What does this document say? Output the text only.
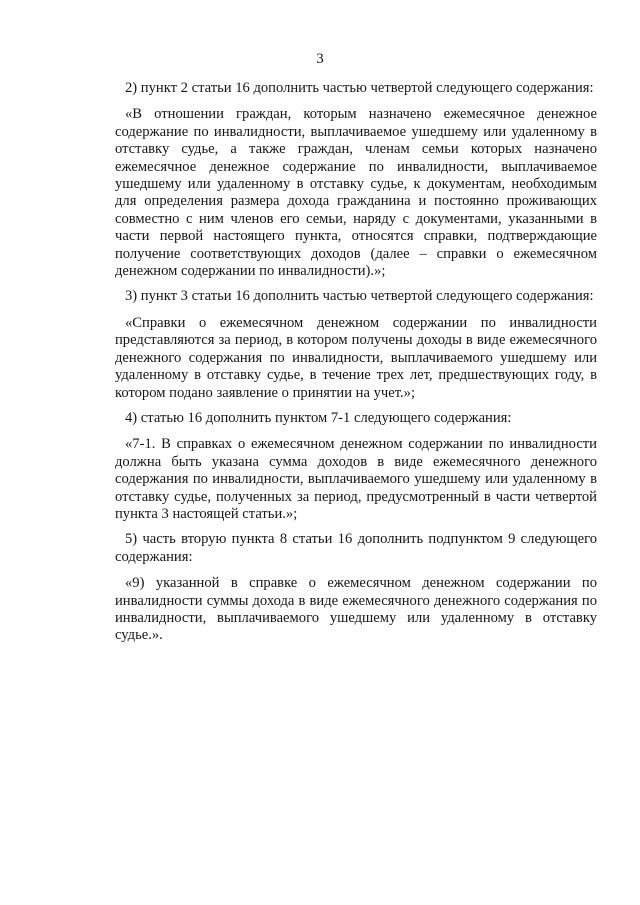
3

2) пункт 2 статьи 16 дополнить частью четвертой следующего содержания:

«В отношении граждан, которым назначено ежемесячное денежное содержание по инвалидности, выплачиваемое ушедшему или удаленному в отставку судье, а также граждан, членам семьи которых назначено ежемесячное денежное содержание по инвалидности, выплачиваемое ушедшему или удаленному в отставку судье, к документам, необходимым для определения размера дохода гражданина и постоянно проживающих совместно с ним членов его семьи, наряду с документами, указанными в части первой настоящего пункта, относятся справки, подтверждающие получение соответствующих доходов (далее – справки о ежемесячном денежном содержании по инвалидности).»;

3) пункт 3 статьи 16 дополнить частью четвертой следующего содержания:

«Справки о ежемесячном денежном содержании по инвалидности представляются за период, в котором получены доходы в виде ежемесячного денежного содержания по инвалидности, выплачиваемого ушедшему или удаленному в отставку судье, в течение трех лет, предшествующих году, в котором подано заявление о принятии на учет.»;

4) статью 16 дополнить пунктом 7-1 следующего содержания:

«7-1. В справках о ежемесячном денежном содержании по инвалидности должна быть указана сумма доходов в виде ежемесячного денежного содержания по инвалидности, выплачиваемого ушедшему или удаленному в отставку судье, полученных за период, предусмотренный в части четвертой пункта 3 настоящей статьи.»;

5) часть вторую пункта 8 статьи 16 дополнить подпунктом 9 следующего содержания:

«9) указанной в справке о ежемесячном денежном содержании по инвалидности суммы дохода в виде ежемесячного денежного содержания по инвалидности, выплачиваемого ушедшему или удаленному в отставку судье.».
